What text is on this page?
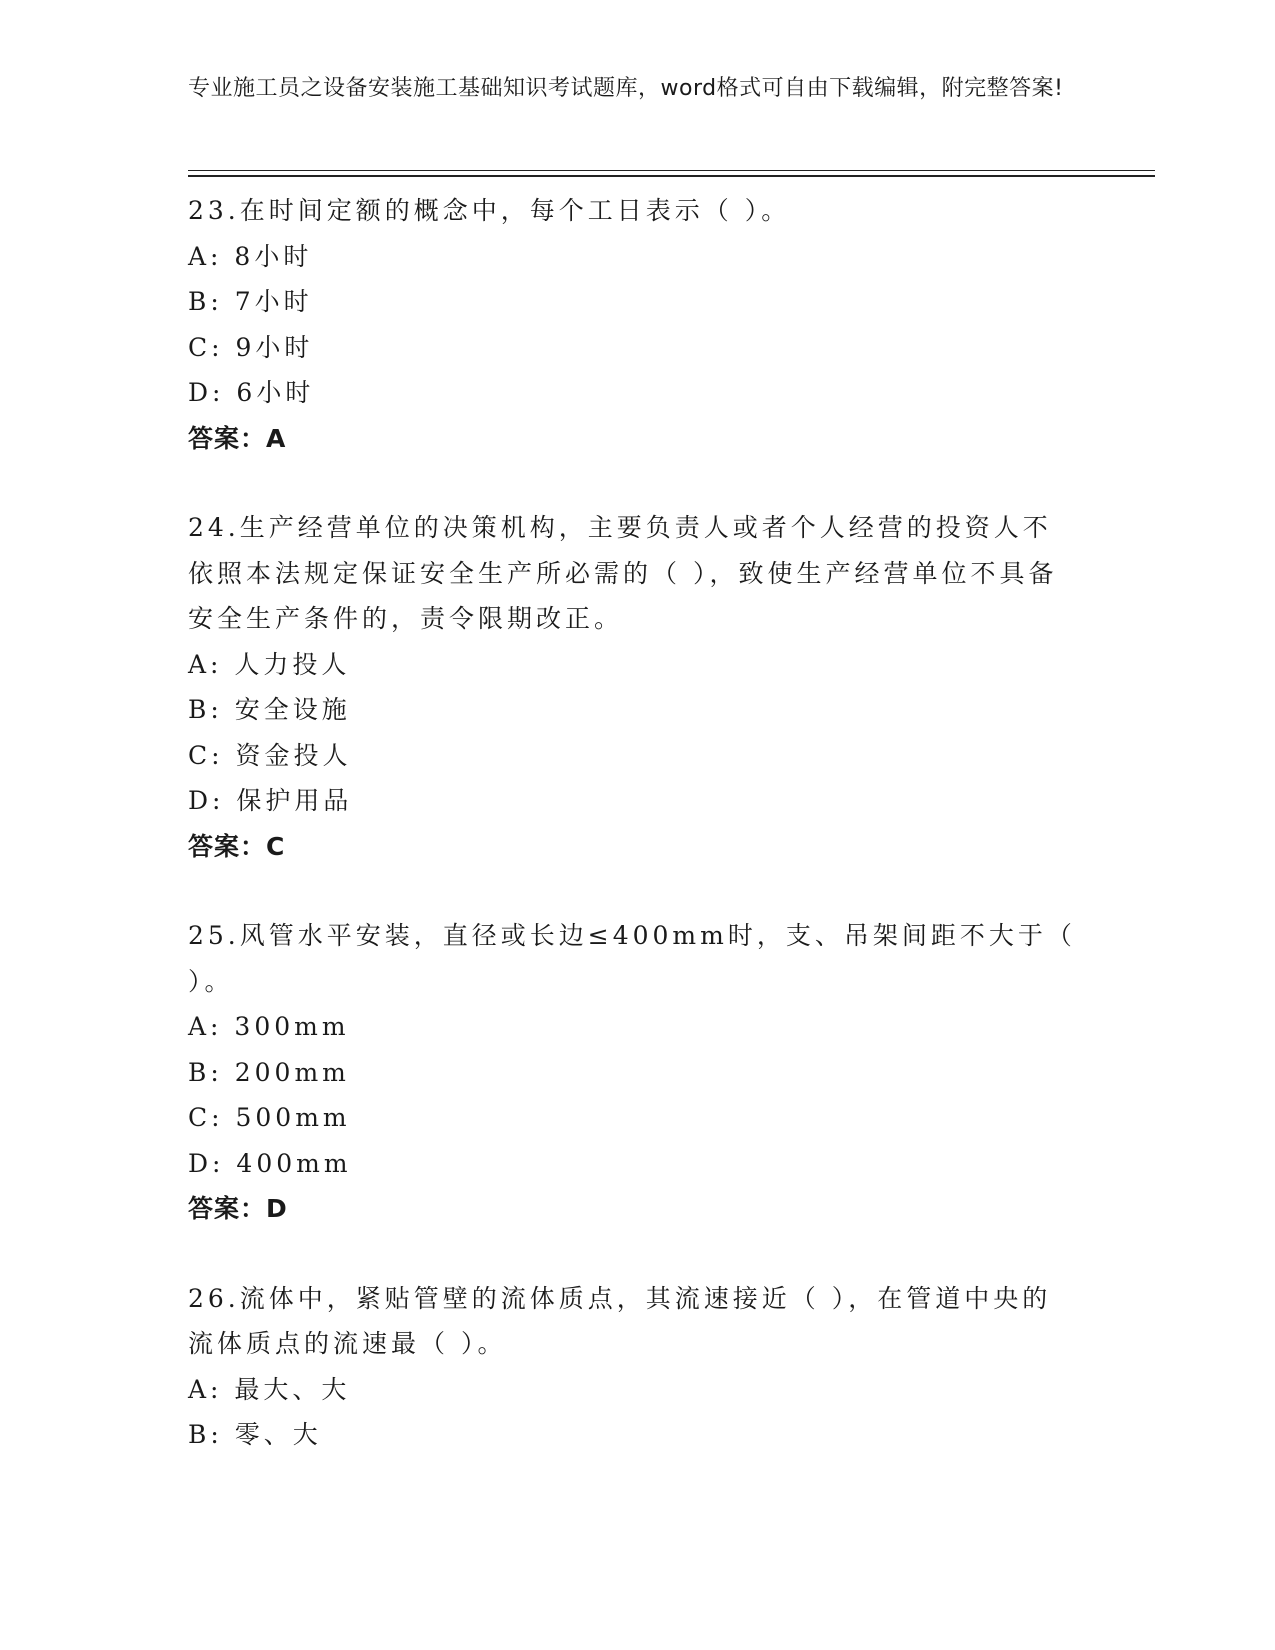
专业施工员之设备安装施工基础知识考试题库，word格式可自由下载编辑，附完整答案!
23.在时间定额的概念中，每个工日表示（ ）。
A: 8小时
B: 7小时
C: 9小时
D: 6小时
答案：A
24.生产经营单位的决策机构，主要负责人或者个人经营的投资人不依照本法规定保证安全生产所必需的（ ），致使生产经营单位不具备安全生产条件的，责令限期改正。
A: 人力投人
B: 安全设施
C: 资金投人
D: 保护用品
答案：C
25.风管水平安装，直径或长边≤400mm时，支、吊架间距不大于（ ）。
A: 300mm
B: 200mm
C: 500mm
D: 400mm
答案：D
26.流体中，紧贴管壁的流体质点，其流速接近（ ），在管道中央的流体质点的流速最（ ）。
A: 最大、大
B: 零、大
